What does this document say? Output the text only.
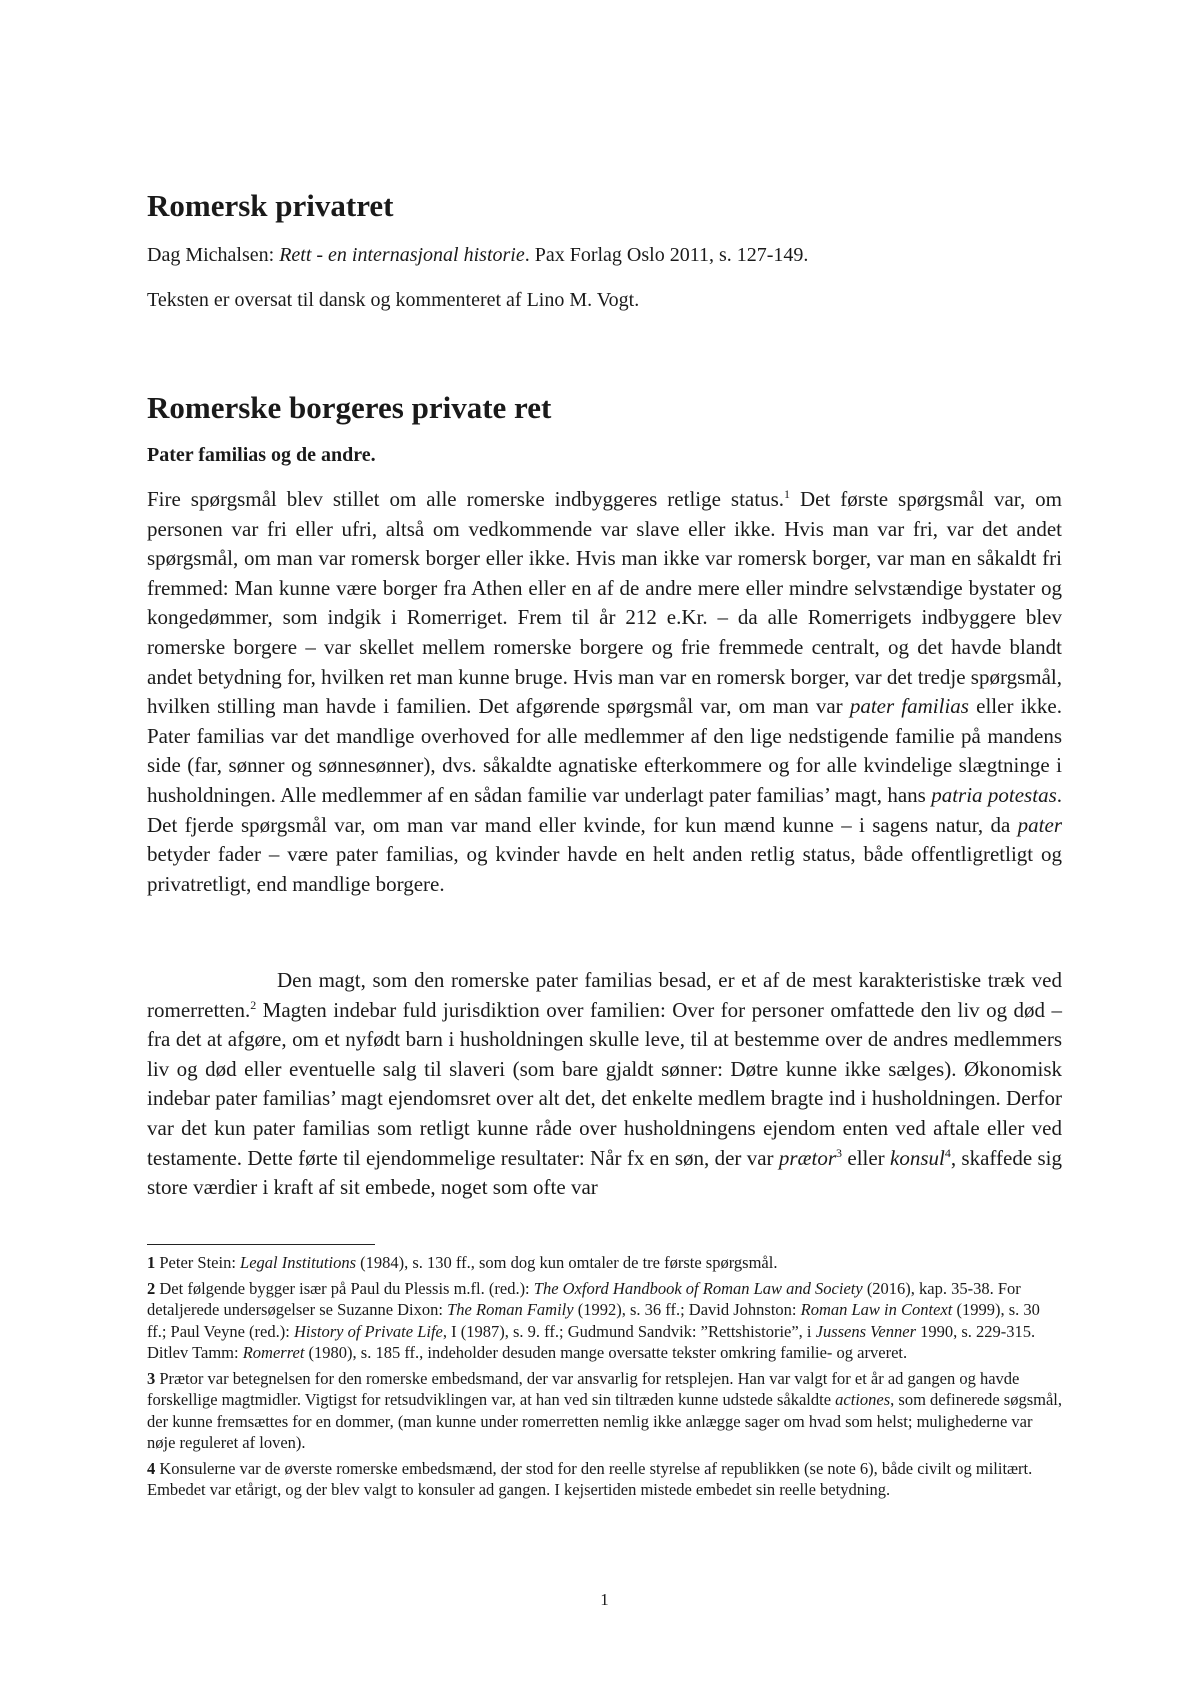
Romersk privatret
Dag Michalsen: Rett - en internasjonal historie. Pax Forlag Oslo 2011, s. 127-149.
Teksten er oversat til dansk og kommenteret af Lino M. Vogt.
Romerske borgeres private ret
Pater familias og de andre.

Fire spørgsmål blev stillet om alle romerske indbyggeres retlige status.$^1$ Det første spørgsmål var, om personen var fri eller ufri, altså om vedkommende var slave eller ikke. Hvis man var fri, var det andet spørgsmål, om man var romersk borger eller ikke. Hvis man ikke var romersk borger, var man en såkaldt fri fremmed: Man kunne være borger fra Athen eller en af de andre mere eller mindre selvstændige bystater og kongedømmer, som indgik i Romerriget. Frem til år 212 e.Kr. – da alle Romerrigets indbyggere blev romerske borgere – var skellet mellem romerske borgere og frie fremmede centralt, og det havde blandt andet betydning for, hvilken ret man kunne bruge. Hvis man var en romersk borger, var det tredje spørgsmål, hvilken stilling man havde i familien. Det afgørende spørgsmål var, om man var pater familias eller ikke. Pater familias var det mandlige overhoved for alle medlemmer af den lige nedstigende familie på mandens side (far, sønner og sønnesønner), dvs. såkaldte agnatiske efterkommere og for alle kvindelige slægtninge i husholdningen. Alle medlemmer af en sådan familie var underlagt pater familias’ magt, hans patria potestas. Det fjerde spørgsmål var, om man var mand eller kvinde, for kun mænd kunne – i sagens natur, da pater betyder fader – være pater familias, og kvinder havde en helt anden retlig status, både offentligretligt og privatretligt, end mandlige borgere.

Den magt, som den romerske pater familias besad, er et af de mest karakteristiske træk ved romerretten.$^2$ Magten indebar fuld jurisdiktion over familien: Over for personer omfattede den liv og død – fra det at afgøre, om et nyfødt barn i husholdningen skulle leve, til at bestemme over de andres medlemmers liv og død eller eventuelle salg til slaveri (som bare gjaldt sønner: Døtre kunne ikke sælges). Økonomisk indebar pater familias’ magt ejendomsret over alt det, det enkelte medlem bragte ind i husholdningen. Derfor var det kun pater familias som retligt kunne råde over husholdningens ejendom enten ved aftale eller ved testamente. Dette førte til ejendommelige resultater: Når fx en søn, der var prætor$^3$ eller konsul$^4$, skaffede sig store værdier i kraft af sit embede, noget som ofte var

1 Peter Stein: Legal Institutions (1984), s. 130 ff., som dog kun omtaler de tre første spørgsmål.

2 Det følgende bygger især på Paul du Plessis m.fl. (red.): The Oxford Handbook of Roman Law and Society (2016), kap. 35-38. For detaljerede undersøgelser se Suzanne Dixon: The Roman Family (1992), s. 36 ff.; David Johnston: Roman Law in Context (1999), s. 30 ff.; Paul Veyne (red.): History of Private Life, I (1987), s. 9. ff.; Gudmund Sandvik: ”Rettshistorie”, i Jussens Venner 1990, s. 229-315. Ditlev Tamm: Romerret (1980), s. 185 ff., indeholder desuden mange oversatte tekster omkring familie- og arveret.

3 Prætor var betegnelsen for den romerske embedsmand, der var ansvarlig for retsplejen. Han var valgt for et år ad gangen og havde forskellige magtmidler. Vigtigst for retsudviklingen var, at han ved sin tiltræden kunne udstede såkaldte actiones, som definerede søgsmål, der kunne fremsættes for en dommer, (man kunne under romerretten nemlig ikke anlægge sager om hvad som helst; mulighederne var nøje reguleret af loven).

4 Konsulerne var de øverste romerske embedsmænd, der stod for den reelle styrelse af republikken (se note 6), både civilt og militært. Embedet var etårigt, og der blev valgt to konsuler ad gangen. I kejsertiden mistede embedet sin reelle betydning.

1
